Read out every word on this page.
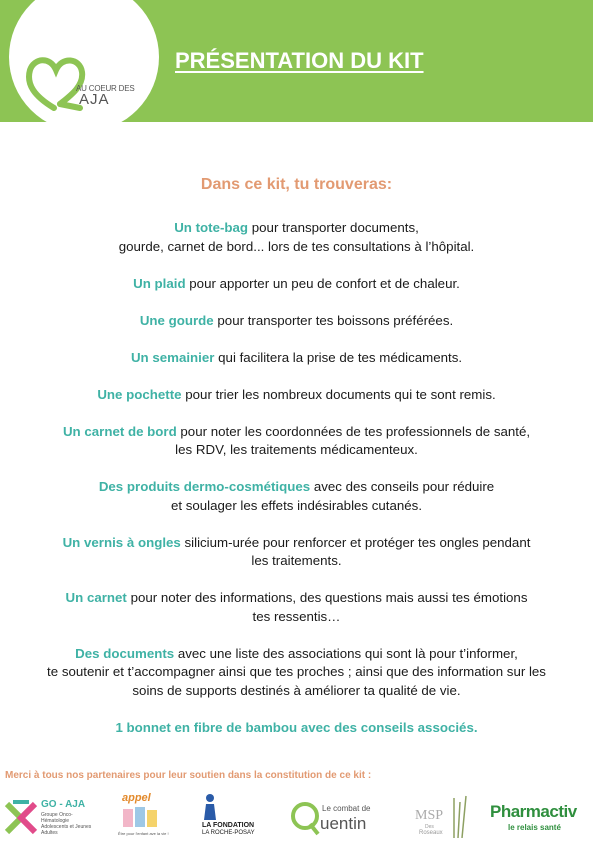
AU COEUR DES
AJA
PRÉSENTATION DU KIT
Dans ce kit, tu trouveras:
Un tote-bag pour transporter documents,
gourde, carnet de bord... lors de tes consultations à l’hôpital.
Un plaid pour apporter un peu de confort et de chaleur.
Une gourde pour transporter tes boissons préférées.
Un semainier qui facilitera la prise de tes médicaments.
Une pochette pour trier les nombreux documents qui te sont remis.
Un carnet de bord pour noter les coordonnées de tes professionnels de santé,
les RDV, les traitements médicamenteux.
Des produits dermo-cosmétiques avec des conseils pour réduire
et soulager les effets indésirables cutanés.
Un vernis à ongles silicium-urée pour renforcer et protéger tes ongles pendant
les traitements.
Un carnet pour noter des informations, des questions mais aussi tes émotions
tes ressentis…
Des documents avec une liste des associations qui sont là pour t’informer,
te soutenir et t’accompagner ainsi que tes proches ; ainsi que des information sur les
soins de supports destinés à améliorer ta qualité de vie.
1 bonnet en fibre de bambou avec des conseils associés.
Merci à tous nos partenaires pour leur soutien dans la constitution de ce kit :
GO - AJA
Groupe Onco-Hématologie Adolescents et Jeunes Adultes
appel
Être pour l'enfant ave la vie !
LA FONDATION
LA ROCHE-POSAY
Le combat de
uentin	MSP
Des
Roseaux
Pharmactiv
le relais santé
